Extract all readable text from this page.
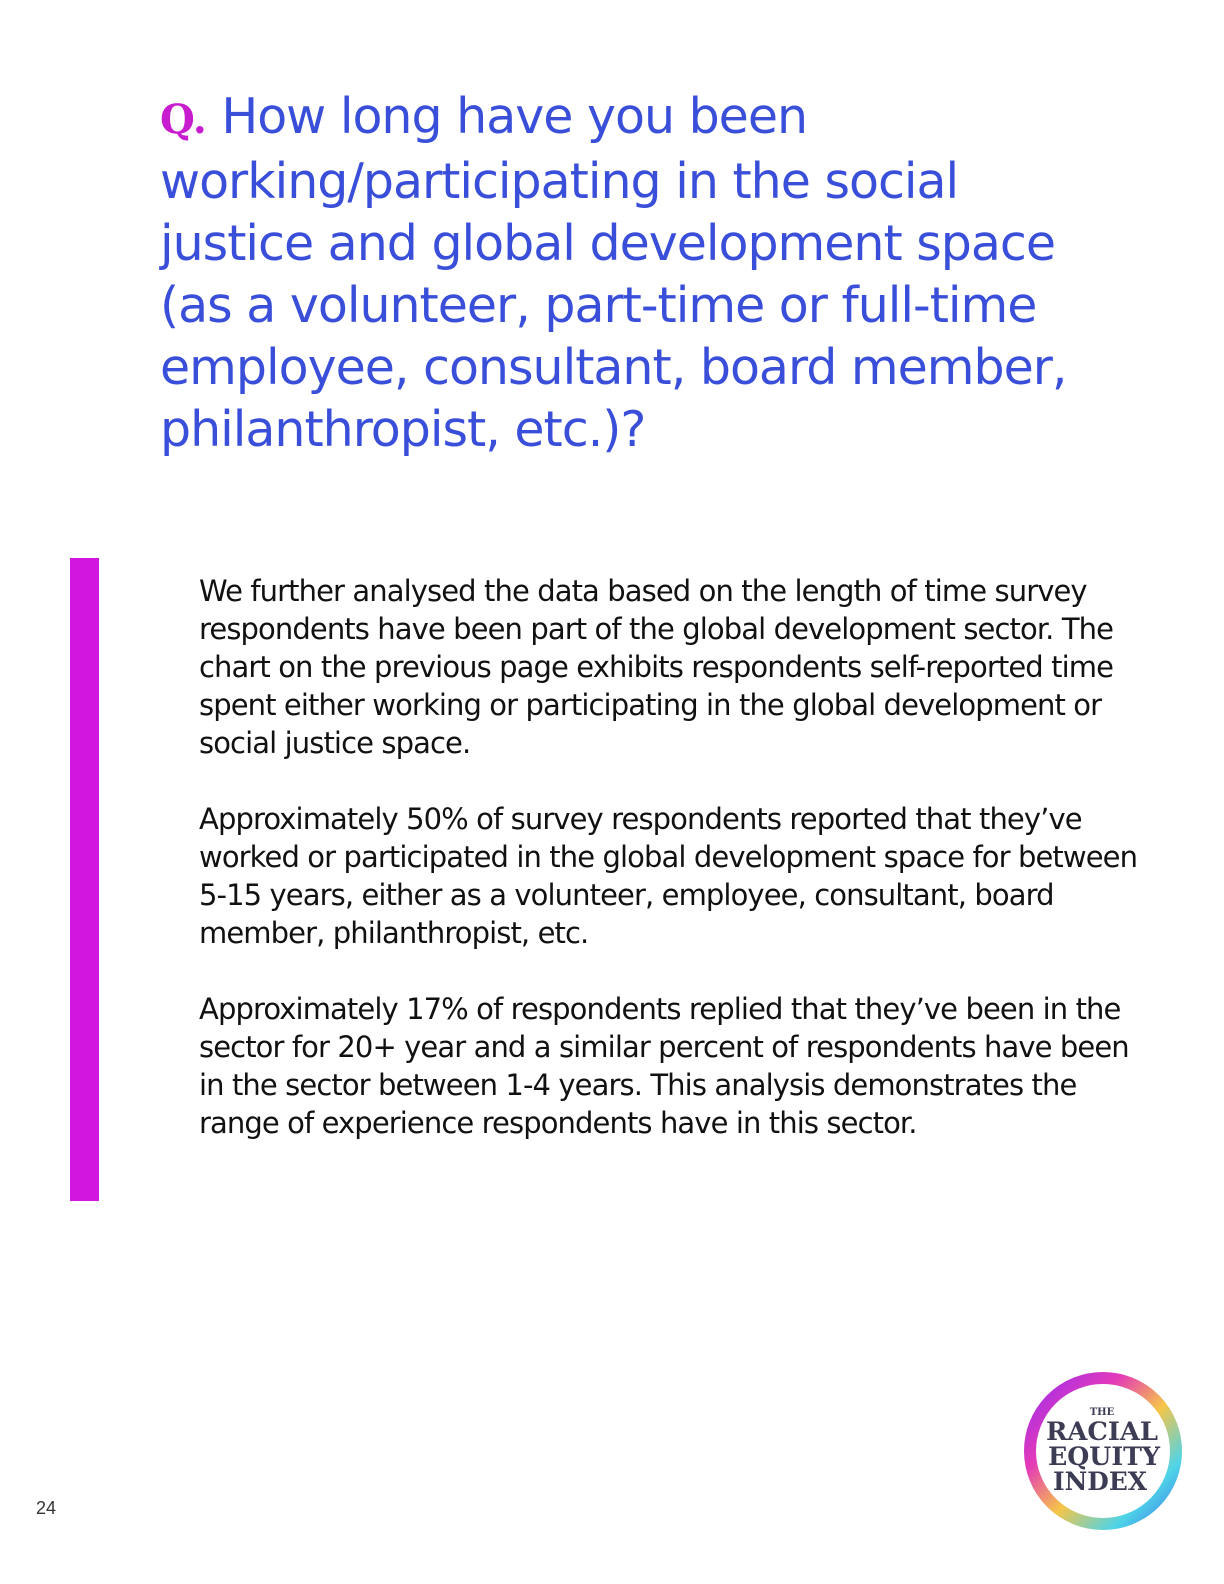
Q. How long have you been working/participating in the social justice and global development space (as a volunteer, part-time or full-time employee, consultant, board member, philanthropist, etc.)?

We further analysed the data based on the length of time survey respondents have been part of the global development sector. The chart on the previous page exhibits respondents self-reported time spent either working or participating in the global development or social justice space.

Approximately 50% of survey respondents reported that they’ve worked or participated in the global development space for between 5-15 years, either as a volunteer, employee, consultant, board member, philanthropist, etc.

Approximately 17% of respondents replied that they’ve been in the sector for 20+ year and a similar percent of respondents have been in the sector between 1-4 years. This analysis demonstrates the range of experience respondents have in this sector.

24
THE
RACIAL
EQUITY
INDEX
